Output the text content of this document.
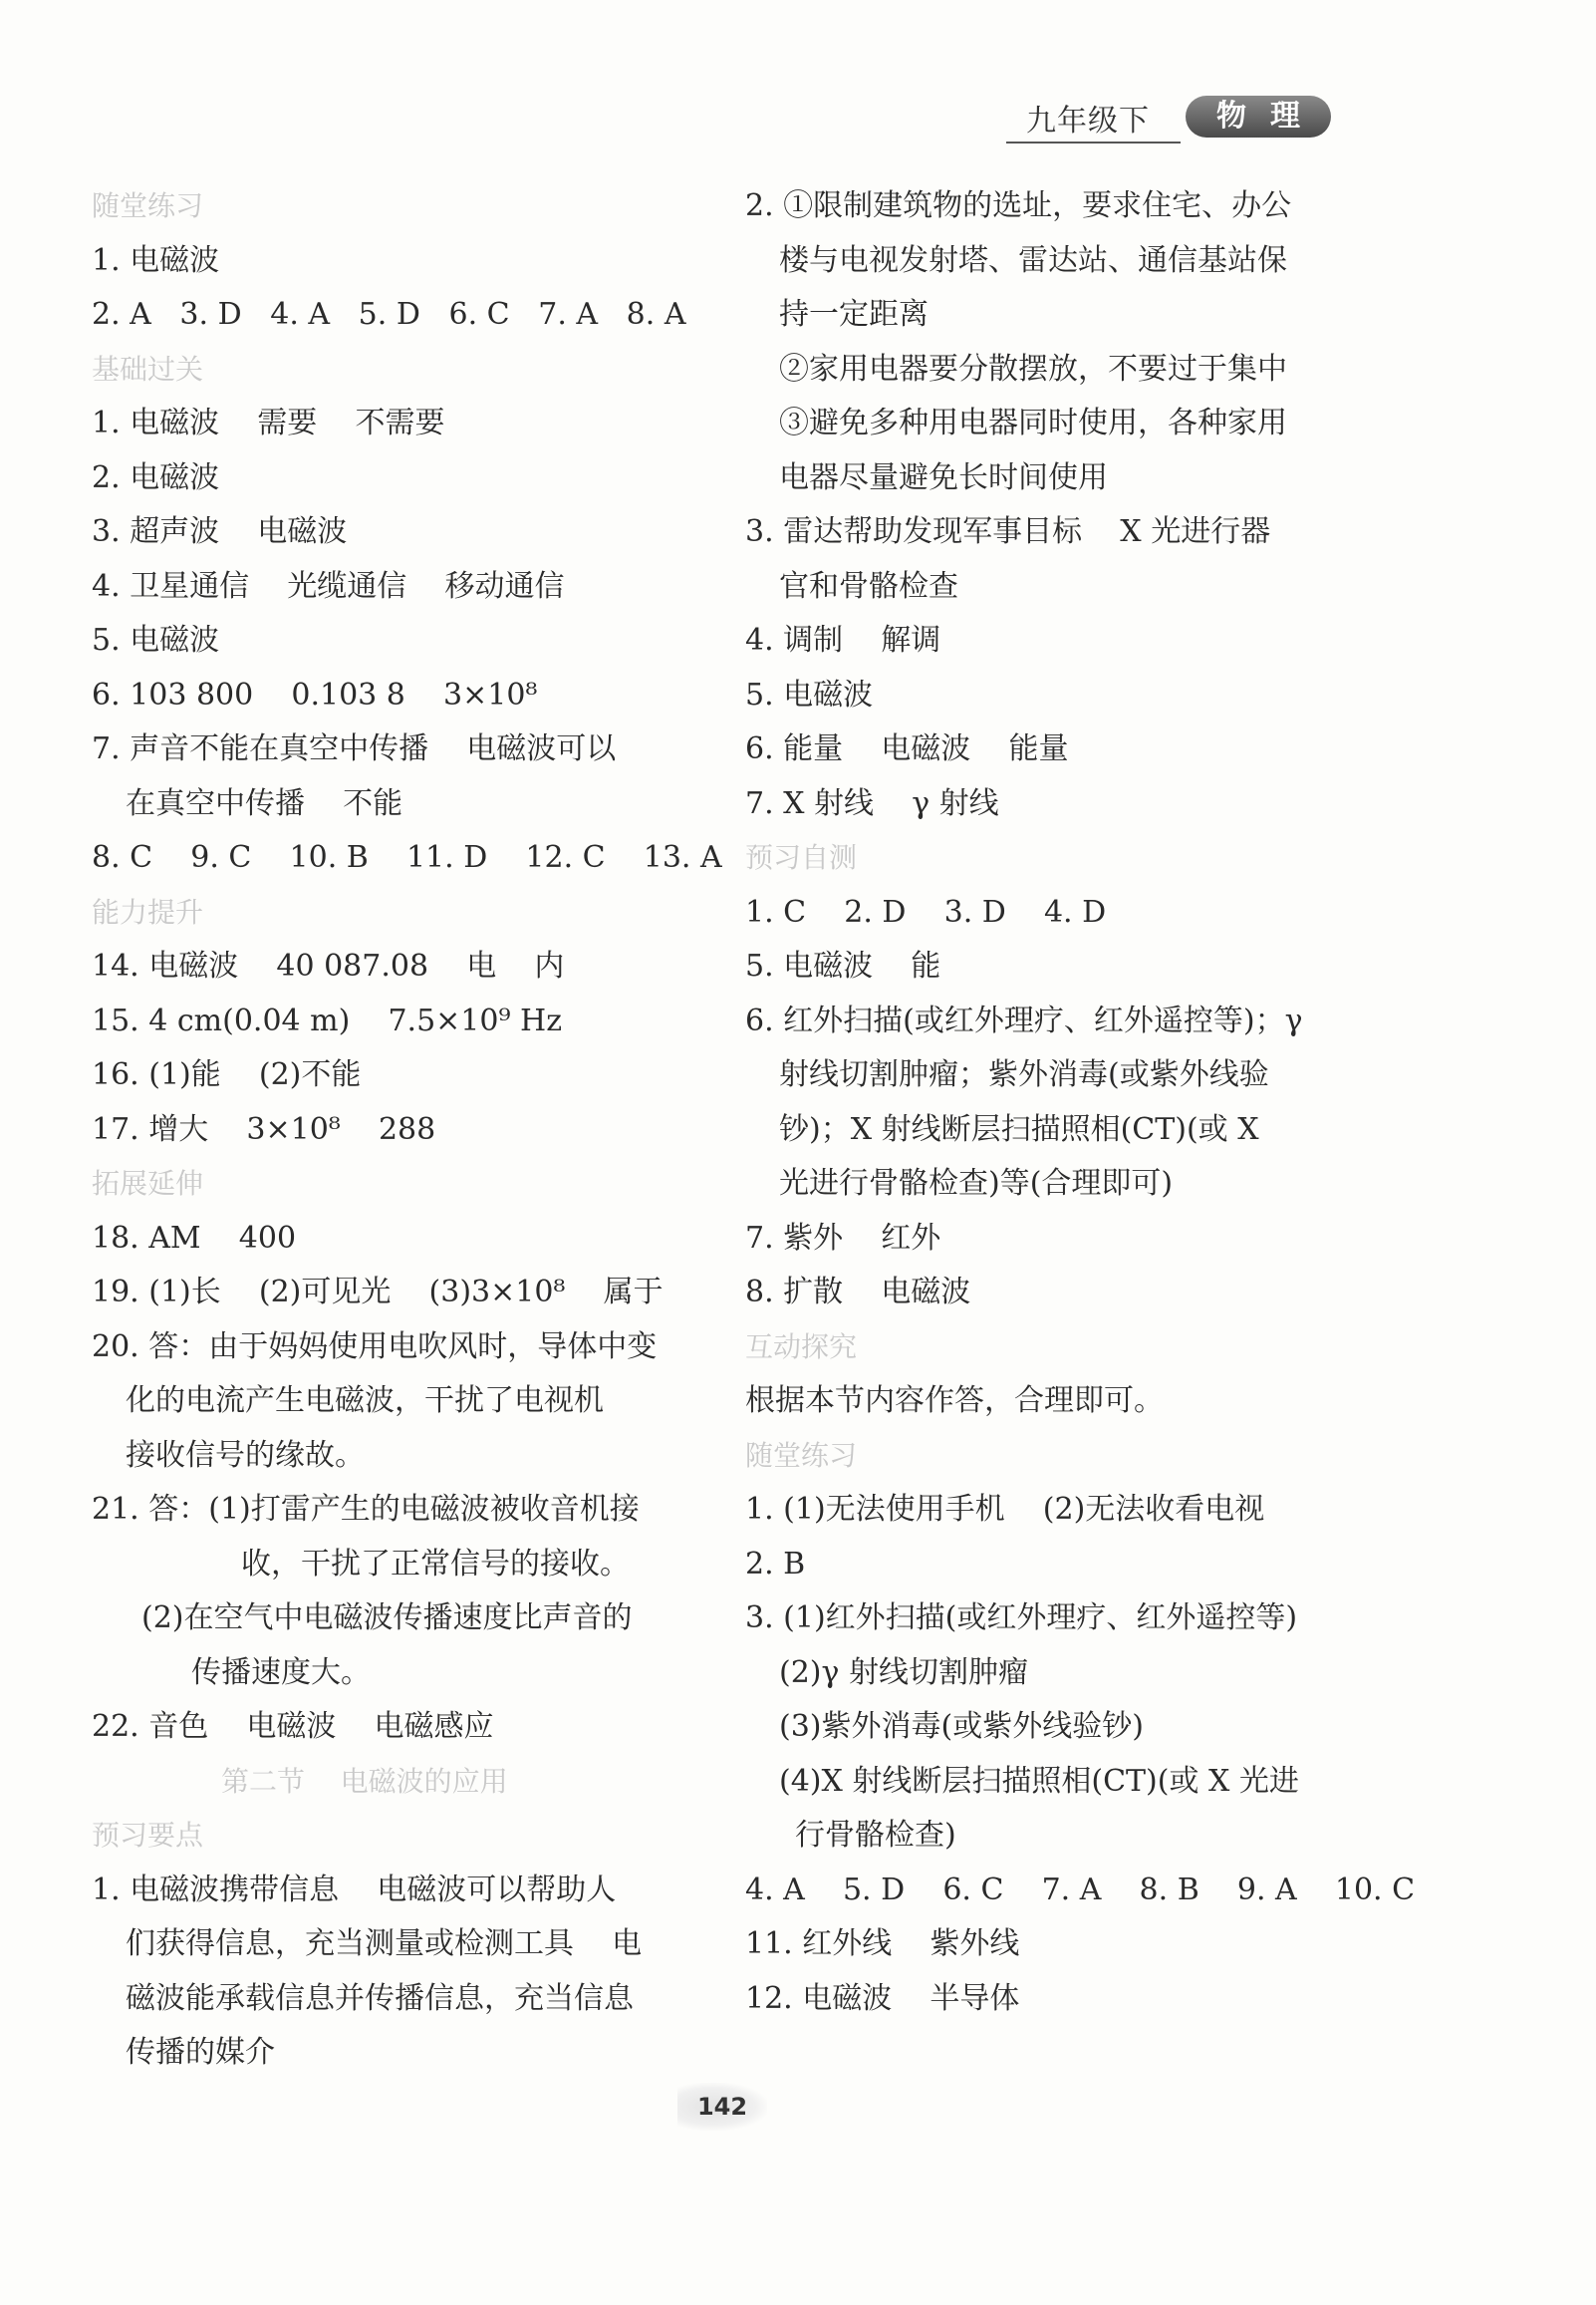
九年级下	物理
随堂练习
1. 电磁波
2. A   3. D   4. A   5. D   6. C   7. A   8. A
基础过关
1. 电磁波    需要    不需要
2. 电磁波
3. 超声波    电磁波
4. 卫星通信    光缆通信    移动通信
5. 电磁波
6. 103 800    0.103 8    3×10⁸
7. 声音不能在真空中传播    电磁波可以
在真空中传播    不能
8. C    9. C    10. B    11. D    12. C    13. A
能力提升
14. 电磁波    40 087.08    电    内
15. 4 cm(0.04 m)    7.5×10⁹ Hz
16. (1)能    (2)不能
17. 增大    3×10⁸    288
拓展延伸
18. AM    400
19. (1)长    (2)可见光    (3)3×10⁸    属于
20. 答：由于妈妈使用电吹风时，导体中变
化的电流产生电磁波，干扰了电视机
接收信号的缘故。
21. 答：(1)打雷产生的电磁波被收音机接
收，干扰了正常信号的接收。
(2)在空气中电磁波传播速度比声音的
传播速度大。
22. 音色    电磁波    电磁感应
第二节    电磁波的应用
预习要点
1. 电磁波携带信息    电磁波可以帮助人
们获得信息，充当测量或检测工具    电
磁波能承载信息并传播信息，充当信息
传播的媒介
2. ①限制建筑物的选址，要求住宅、办公
楼与电视发射塔、雷达站、通信基站保
持一定距离
②家用电器要分散摆放，不要过于集中
③避免多种用电器同时使用，各种家用
电器尽量避免长时间使用
3. 雷达帮助发现军事目标    X 光进行器
官和骨骼检查
4. 调制    解调
5. 电磁波
6. 能量    电磁波    能量
7. X 射线    γ 射线
预习自测
1. C    2. D    3. D    4. D
5. 电磁波    能
6. 红外扫描(或红外理疗、红外遥控等)；γ
射线切割肿瘤；紫外消毒(或紫外线验
钞)；X 射线断层扫描照相(CT)(或 X
光进行骨骼检查)等(合理即可)
7. 紫外    红外
8. 扩散    电磁波
互动探究
根据本节内容作答，合理即可。
随堂练习
1. (1)无法使用手机    (2)无法收看电视
2. B
3. (1)红外扫描(或红外理疗、红外遥控等)
(2)γ 射线切割肿瘤
(3)紫外消毒(或紫外线验钞)
(4)X 射线断层扫描照相(CT)(或 X 光进
行骨骼检查)
4. A    5. D    6. C    7. A    8. B    9. A    10. C
11. 红外线    紫外线
12. 电磁波    半导体
142
